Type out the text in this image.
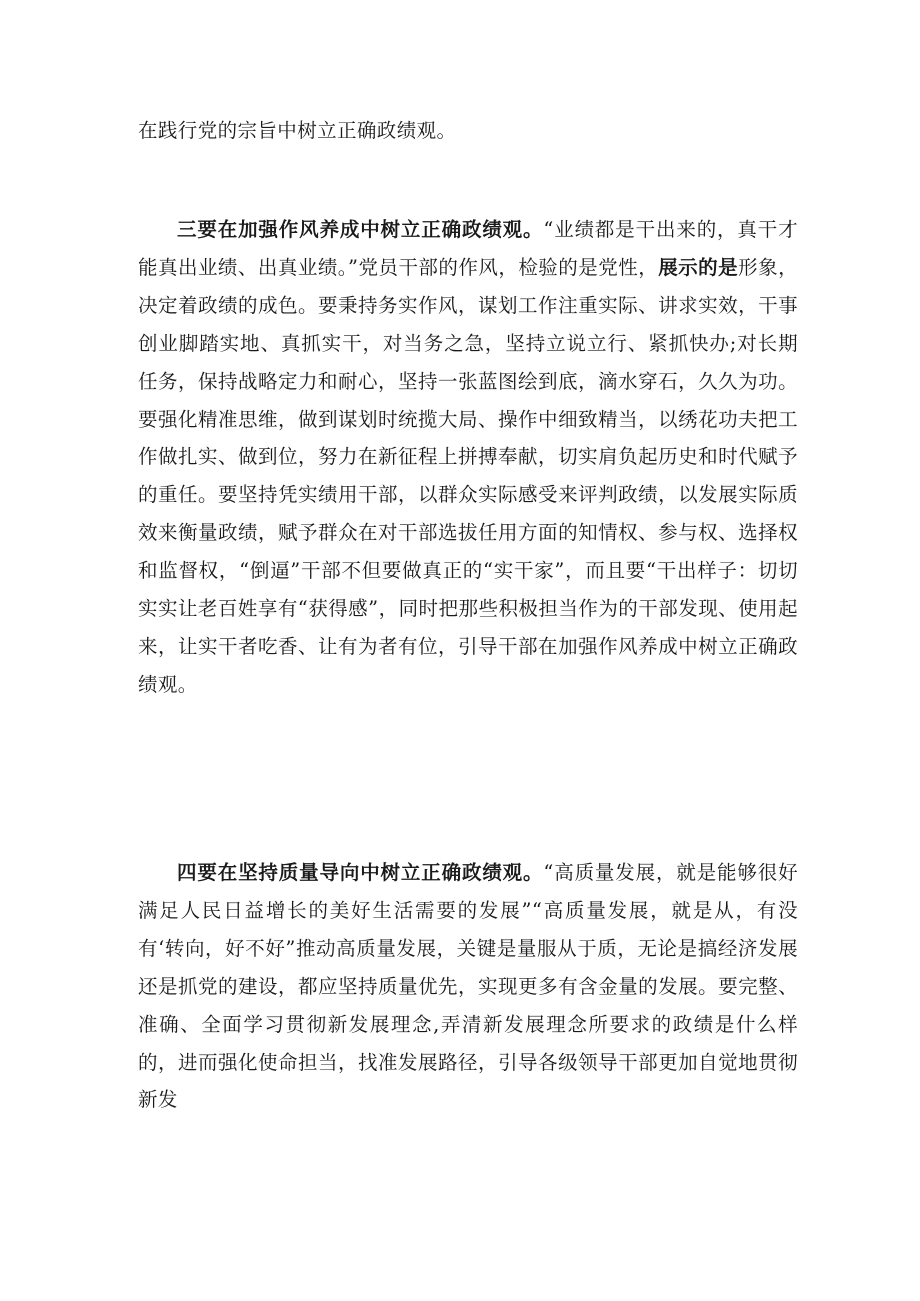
在践行党的宗旨中树立正确政绩观。

三要在加强作风养成中树立正确政绩观。“业绩都是干出来的，真干才能真出业绩、出真业绩。”党员干部的作风，检验的是党性，展示的是形象，决定着政绩的成色。要秉持务实作风，谋划工作注重实际、讲求实效，干事创业脚踏实地、真抓实干，对当务之急，坚持立说立行、紧抓快办;对长期任务，保持战略定力和耐心，坚持一张蓝图绘到底，滴水穿石，久久为功。要强化精准思维，做到谋划时统揽大局、操作中细致精当，以绣花功夫把工作做扎实、做到位，努力在新征程上拼搏奉献，切实肩负起历史和时代赋予的重任。要坚持凭实绩用干部，以群众实际感受来评判政绩，以发展实际质效来衡量政绩，赋予群众在对干部选拔任用方面的知情权、参与权、选择权和监督权，“倒逼”干部不但要做真正的“实干家”，而且要“干出样子：切切实实让老百姓享有“获得感”，同时把那些积极担当作为的干部发现、使用起来，让实干者吃香、让有为者有位，引导干部在加强作风养成中树立正确政绩观。

四要在坚持质量导向中树立正确政绩观。“高质量发展，就是能够很好满足人民日益增长的美好生活需要的发展”“高质量发展，就是从，有没有‘转向，好不好”推动高质量发展，关键是量服从于质，无论是搞经济发展还是抓党的建设，都应坚持质量优先，实现更多有含金量的发展。要完整、准确、全面学习贯彻新发展理念,弄清新发展理念所要求的政绩是什么样的，进而强化使命担当，找准发展路径，引导各级领导干部更加自觉地贯彻新发
